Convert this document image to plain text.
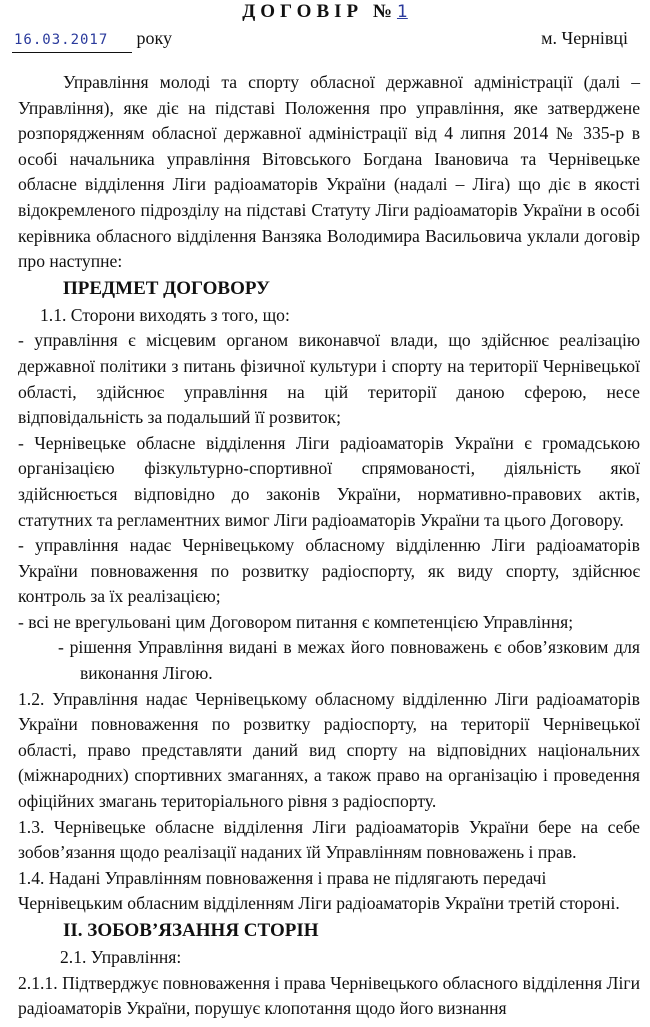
ДОГОВІР №1
16.03.2017 року	м. Чернівці

Управління молоді та спорту обласної державної адміністрації (далі – Управління), яке діє на підставі Положення про управління, яке затверджене розпорядженням обласної державної адміністрації від 4 липня 2014 № 335-р в особі начальника управління Вітовського Богдана Івановича та Чернівецьке обласне відділення Ліги радіоаматорів України (надалі – Ліга) що діє в якості відокремленого підрозділу на підставі Статуту Ліги радіоаматорів України в особі керівника обласного відділення Ванзяка Володимира Васильовича уклали договір про наступне:

ПРЕДМЕТ ДОГОВОРУ

1.1. Сторони виходять з того, що:

- управління є місцевим органом виконавчої влади, що здійснює реалізацію державної політики з питань фізичної культури і спорту на території Чернівецької області, здійснює управління на цій території даною сферою, несе відповідальність за подальший її розвиток;

- Чернівецьке обласне відділення Ліги радіоаматорів України є громадською організацією фізкультурно-спортивної спрямованості, діяльність якої здійснюється відповідно до законів України, нормативно-правових актів, статутних та регламентних вимог Ліги радіоаматорів України та цього Договору.

- управління надає Чернівецькому обласному відділенню Ліги радіоаматорів України повноваження по розвитку радіоспорту, як виду спорту, здійснює контроль за їх реалізацією;

- всі не врегульовані цим Договором питання є компетенцією Управління;

- рішення Управління видані в межах його повноважень є обов’язковим для виконання Лігою.

1.2. Управління надає Чернівецькому обласному відділенню Ліги радіоаматорів України повноваження по розвитку радіоспорту, на території Чернівецької області, право представляти даний вид спорту на відповідних національних (міжнародних) спортивних змаганнях, а також право на організацію і проведення офіційних змагань територіального рівня з радіоспорту.

1.3. Чернівецьке обласне відділення Ліги радіоаматорів України бере на себе зобов’язання щодо реалізації наданих їй Управлінням повноважень і прав.

1.4. Надані Управлінням повноваження і права не підлягають передачі

Чернівецьким обласним відділенням Ліги радіоаматорів України третій стороні.

ІІ. ЗОБОВ’ЯЗАННЯ СТОРІН

2.1. Управління:

2.1.1. Підтверджує повноваження і права Чернівецького обласного відділення Ліги радіоаматорів України, порушує клопотання щодо його визнання
